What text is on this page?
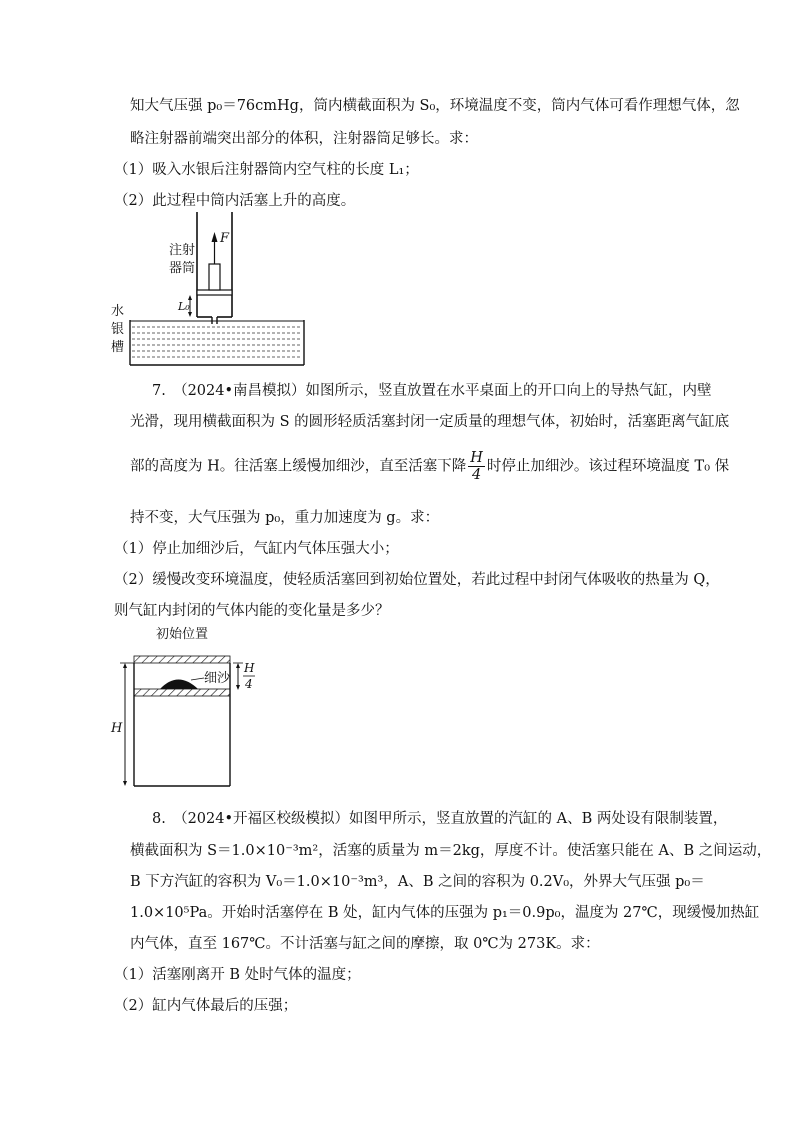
知大气压强 p₀＝76cmHg，筒内横截面积为 S₀，环境温度不变，筒内气体可看作理想气体，忽
略注射器前端突出部分的体积，注射器筒足够长。求：
（1）吸入水银后注射器筒内空气柱的长度 L₁；
（2）此过程中筒内活塞上升的高度。
F
L₀
注射
器筒
水
银
槽
7.　（2024•南昌模拟）如图所示，竖直放置在水平桌面上的开口向上的导热气缸，内壁
光滑，现用横截面积为 S 的圆形轻质活塞封闭一定质量的理想气体，初始时，活塞距离气缸底
部的高度为 H。往活塞上缓慢加细沙，直至活塞下降 $\frac{H}{4}$ 时停止加细沙。该过程环境温度 T₀ 保
持不变，大气压强为 p₀，重力加速度为 g。求：
（1）停止加细沙后，气缸内气体压强大小；
（2）缓慢改变环境温度，使轻质活塞回到初始位置处，若此过程中封闭气体吸收的热量为 Q，
则气缸内封闭的气体内能的变化量是多少？
初始位置
细沙
H
4
H
8.　（2024•开福区校级模拟）如图甲所示，竖直放置的汽缸的 A、B 两处设有限制装置，
横截面积为 S＝1.0×10⁻³m²，活塞的质量为 m＝2kg，厚度不计。使活塞只能在 A、B 之间运动，
B 下方汽缸的容积为 V₀＝1.0×10⁻³m³，A、B 之间的容积为 0.2V₀，外界大气压强 p₀＝
1.0×10⁵Pa。开始时活塞停在 B 处，缸内气体的压强为 p₁＝0.9p₀，温度为 27℃，现缓慢加热缸
内气体，直至 167℃。不计活塞与缸之间的摩擦，取 0℃为 273K。求：
（1）活塞刚离开 B 处时气体的温度；
（2）缸内气体最后的压强；
